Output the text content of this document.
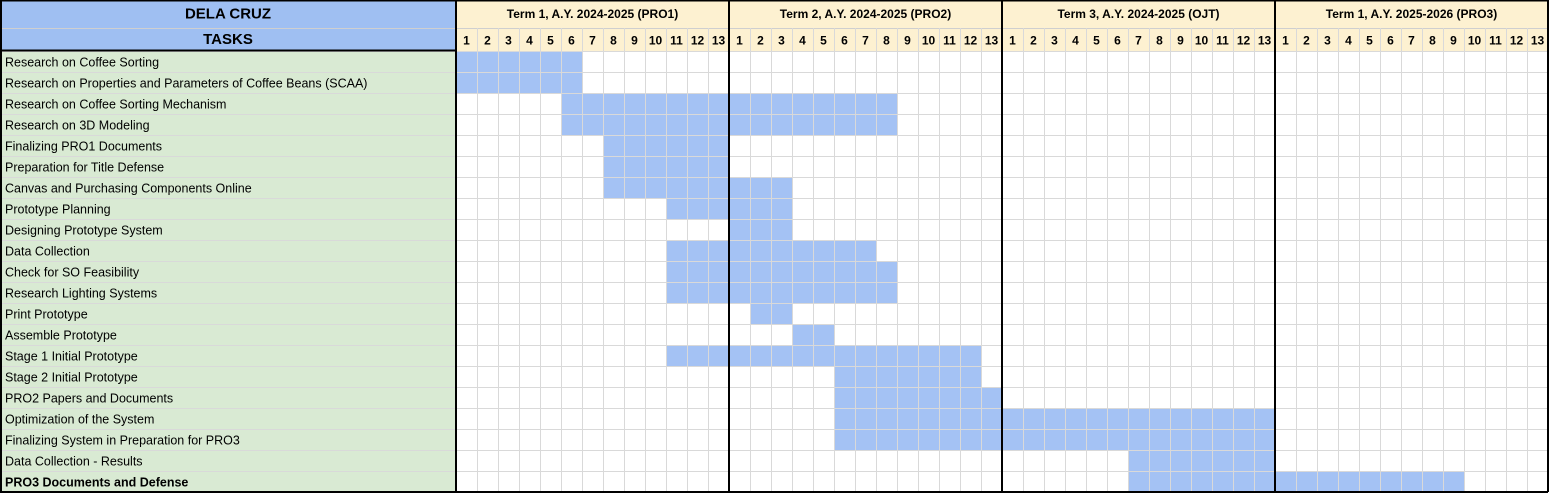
DELA CRUZ
TASKS
Term 1, A.Y. 2024-2025 (PRO1)
1 2 3 4 5 6 7 8 9 10 11 12 13
Term 2, A.Y. 2024-2025 (PRO2)
1 2 3 4 5 6 7 8 9 10 11 12 13
Term 3, A.Y. 2024-2025 (OJT)
1 2 3 4 5 6 7 8 9 10 11 12 13
Term 1, A.Y. 2025-2026 (PRO3)
1 2 3 4 5 6 7 8 9 10 11 12 13
Research on Coffee Sorting
Research on Properties and Parameters of Coffee Beans (SCAA)
Research on Coffee Sorting Mechanism
Research on 3D Modeling
Finalizing PRO1 Documents
Preparation for Title Defense
Canvas and Purchasing Components Online
Prototype Planning
Designing Prototype System
Data Collection
Check for SO Feasibility
Research Lighting Systems
Print Prototype
Assemble Prototype
Stage 1 Initial Prototype
Stage 2 Initial Prototype
PRO2 Papers and Documents
Optimization of the System
Finalizing System in Preparation for PRO3
Data Collection - Results
PRO3 Documents and Defense
